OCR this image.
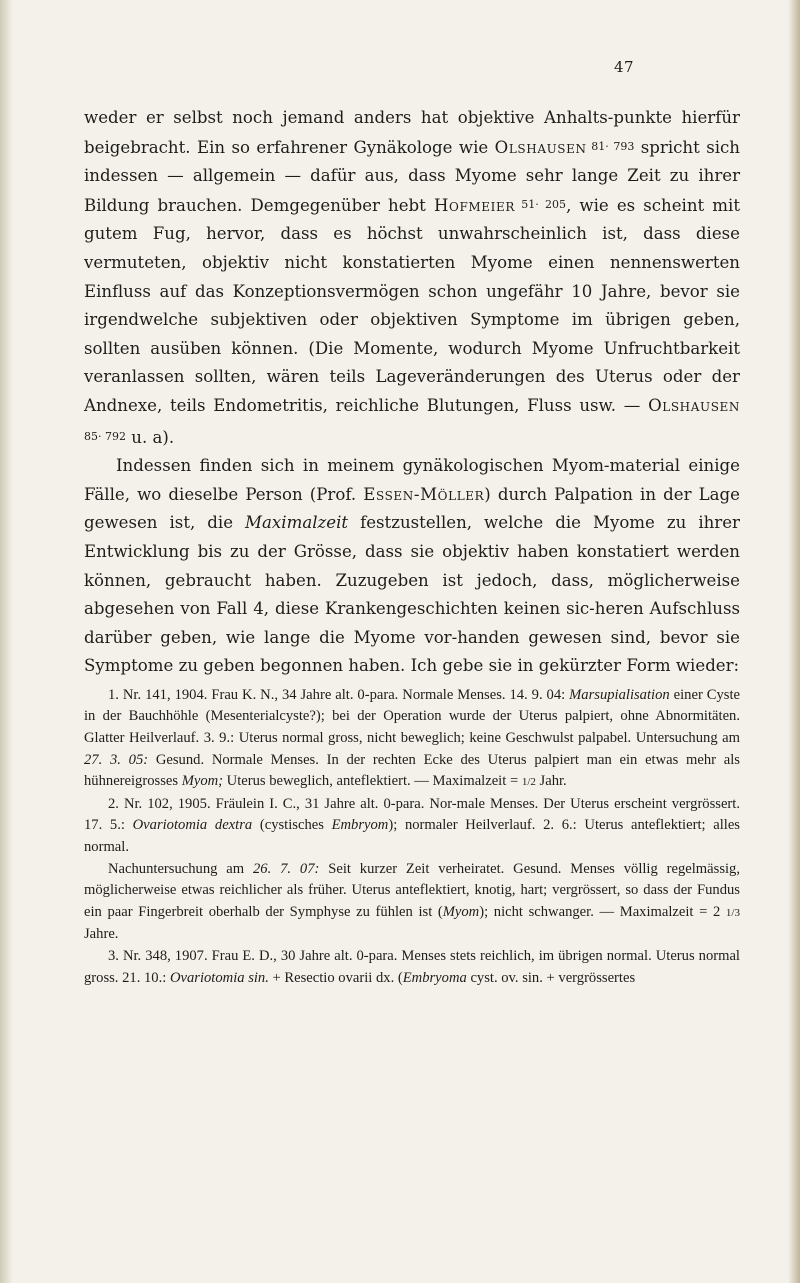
47

weder er selbst noch jemand anders hat objektive Anhalts-punkte hierfür beigebracht. Ein so erfahrener Gynäkologe wie Olshausen 81· 793 spricht sich indessen — allgemein — dafür aus, dass Myome sehr lange Zeit zu ihrer Bildung brauchen. Demgegenüber hebt Hofmeier 51· 205, wie es scheint mit gutem Fug, hervor, dass es höchst unwahrscheinlich ist, dass diese vermuteten, objektiv nicht konstatierten Myome einen nennenswerten Einfluss auf das Konzeptionsvermögen schon ungefähr 10 Jahre, bevor sie irgendwelche subjektiven oder objektiven Symptome im übrigen geben, sollten ausüben können. (Die Momente, wodurch Myome Unfruchtbarkeit veranlassen sollten, wären teils Lageveränderungen des Uterus oder der Andnexe, teils Endometritis, reichliche Blutungen, Fluss usw. — Olshausen 85· 792 u. a).

Indessen finden sich in meinem gynäkologischen Myom-material einige Fälle, wo dieselbe Person (Prof. Essen-Möller) durch Palpation in der Lage gewesen ist, die Maximalzeit festzustellen, welche die Myome zu ihrer Entwicklung bis zu der Grösse, dass sie objektiv haben konstatiert werden können, gebraucht haben. Zuzugeben ist jedoch, dass, möglicherweise abgesehen von Fall 4, diese Krankengeschichten keinen sic-heren Aufschluss darüber geben, wie lange die Myome vor-handen gewesen sind, bevor sie Symptome zu geben begonnen haben. Ich gebe sie in gekürzter Form wieder:

1. Nr. 141, 1904. Frau K. N., 34 Jahre alt. 0-para. Normale Menses. 14. 9. 04: Marsupialisation einer Cyste in der Bauchhöhle (Mesenterialcyste?); bei der Operation wurde der Uterus palpiert, ohne Abnormitäten. Glatter Heilverlauf. 3. 9.: Uterus normal gross, nicht beweglich; keine Geschwulst palpabel. Untersuchung am 27. 3. 05: Gesund. Normale Menses. In der rechten Ecke des Uterus palpiert man ein etwas mehr als hühnereigrosses Myom; Uterus beweglich, anteflektiert. — Maximalzeit = 1/2 Jahr.

2. Nr. 102, 1905. Fräulein I. C., 31 Jahre alt. 0-para. Nor-male Menses. Der Uterus erscheint vergrössert. 17. 5.: Ovariotomia dextra (cystisches Embryom); normaler Heilverlauf. 2. 6.: Uterus anteflektiert; alles normal.

Nachuntersuchung am 26. 7. 07: Seit kurzer Zeit verheiratet. Gesund. Menses völlig regelmässig, möglicherweise etwas reichlicher als früher. Uterus anteflektiert, knotig, hart; vergrössert, so dass der Fundus ein paar Fingerbreit oberhalb der Symphyse zu fühlen ist (Myom); nicht schwanger. — Maximalzeit = 2 1/3 Jahre.

3. Nr. 348, 1907. Frau E. D., 30 Jahre alt. 0-para. Menses stets reichlich, im übrigen normal. Uterus normal gross. 21. 10.: Ovariotomia sin. + Resectio ovarii dx. (Embryoma cyst. ov. sin. + vergrössertes
